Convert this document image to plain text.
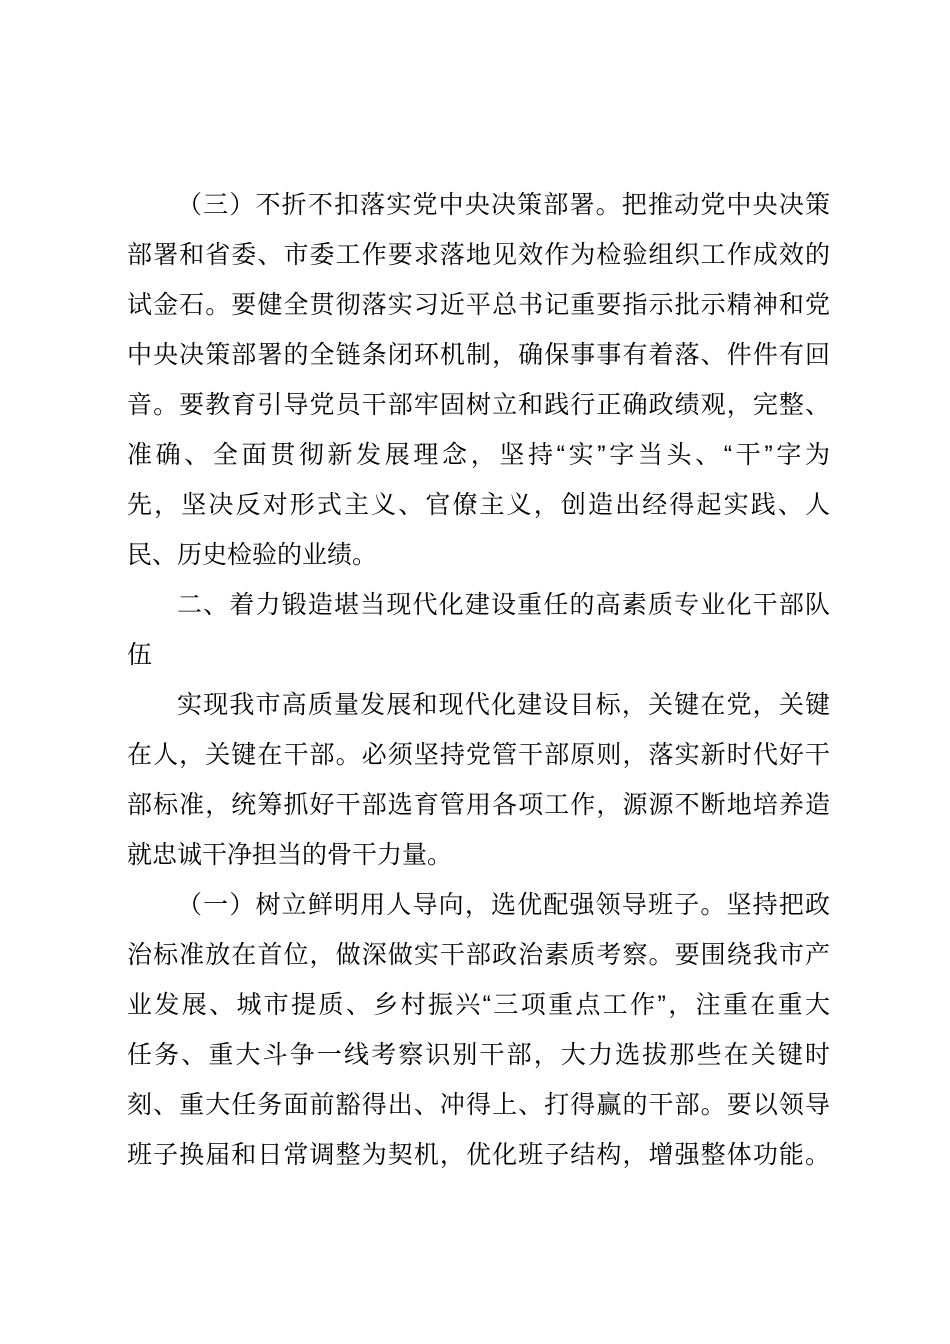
（三）不折不扣落实党中央决策部署。把推动党中央决策
部署和省委、市委工作要求落地见效作为检验组织工作成效的
试金石。要健全贯彻落实习近平总书记重要指示批示精神和党
中央决策部署的全链条闭环机制，确保事事有着落、件件有回
音。要教育引导党员干部牢固树立和践行正确政绩观，完整、
准确、全面贯彻新发展理念，坚持“实”字当头、“干”字为
先，坚决反对形式主义、官僚主义，创造出经得起实践、人
民、历史检验的业绩。
二、着力锻造堪当现代化建设重任的高素质专业化干部队
伍
实现我市高质量发展和现代化建设目标，关键在党，关键
在人，关键在干部。必须坚持党管干部原则，落实新时代好干
部标准，统筹抓好干部选育管用各项工作，源源不断地培养造
就忠诚干净担当的骨干力量。
（一）树立鲜明用人导向，选优配强领导班子。坚持把政
治标准放在首位，做深做实干部政治素质考察。要围绕我市产
业发展、城市提质、乡村振兴“三项重点工作”，注重在重大
任务、重大斗争一线考察识别干部，大力选拔那些在关键时
刻、重大任务面前豁得出、冲得上、打得赢的干部。要以领导
班子换届和日常调整为契机，优化班子结构，增强整体功能。
